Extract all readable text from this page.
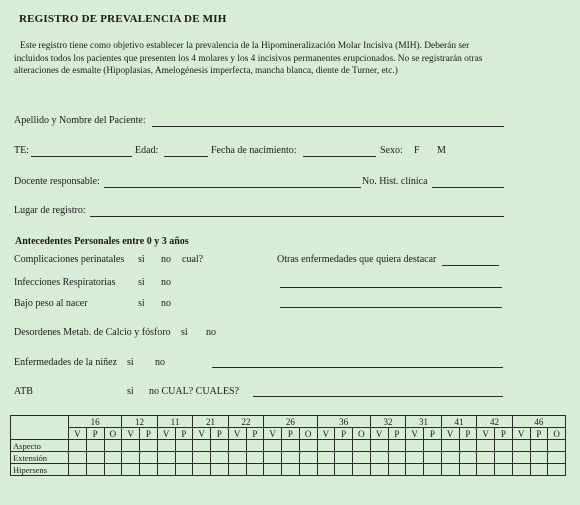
REGISTRO DE PREVALENCIA DE MIH
Este registro tiene como objetivo establecer la prevalencia de la Hipomineralización Molar Incisiva (MIH). Deberán ser
incluidos todos los pacientes que presenten los 4 molares y los 4 incisivos permanentes erupcionados. No se registrarán otras
alteraciones de esmalte (Hipoplasias, Amelogénesis imperfecta, mancha blanca, diente de Turner, etc.)
Apellido y Nombre del Paciente:
TE:	Edad:	Fecha de nacimiento:	Sexo: F M
Docente responsable:	No. Hist. clínica
Lugar de registro:
Antecedentes Personales entre 0 y 3 años
Complicaciones perinatales si no cual?	Otras enfermedades que quiera destacar
Infecciones Respiratorias si no
Bajo peso al nacer	si no
Desordenes Metab. de Calcio y fósforo si no
Enfermedades de la niñez si no
ATB	si no CUAL? CUALES?
	16			12		11		21		22		26			36			32		31		41		42		46		
	V	P	O	V	P	V	P	V	P	V	P	V	P	O	V	P	O	V	P	V	P	V	P	V	P	V	P	O
Aspecto																												
Extensión																												
Hipersens																												
